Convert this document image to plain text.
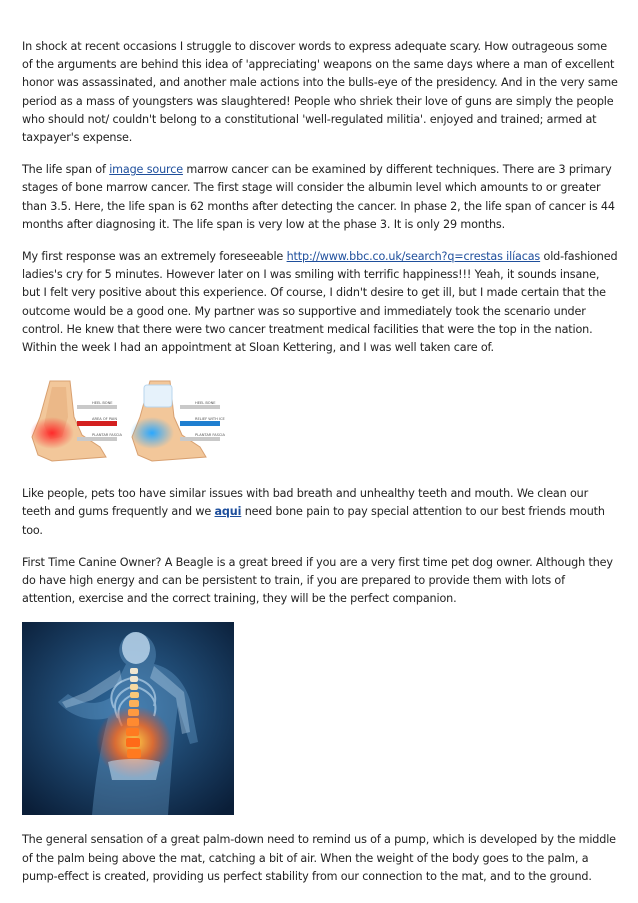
In shock at recent occasions I struggle to discover words to express adequate scary. How outrageous some of the arguments are behind this idea of 'appreciating' weapons on the same days where a man of excellent honor was assassinated, and another male actions into the bulls-eye of the presidency. And in the very same period as a mass of youngsters was slaughtered! People who shriek their love of guns are simply the people who should not/ couldn't belong to a constitutional 'well-regulated militia'. enjoyed and trained; armed at taxpayer's expense.

The life span of image source marrow cancer can be examined by different techniques. There are 3 primary stages of bone marrow cancer. The first stage will consider the albumin level which amounts to or greater than 3.5. Here, the life span is 62 months after detecting the cancer. In phase 2, the life span of cancer is 44 months after diagnosing it. The life span is very low at the phase 3. It is only 29 months.

My first response was an extremely foreseeable http://www.bbc.co.uk/search?q=crestas ilíacas old-fashioned ladies's cry for 5 minutes. However later on I was smiling with terrific happiness!!! Yeah, it sounds insane, but I felt very positive about this experience. Of course, I didn't desire to get ill, but I made certain that the outcome would be a good one. My partner was so supportive and immediately took the scenario under control. He knew that there were two cancer treatment medical facilities that were the top in the nation. Within the week I had an appointment at Sloan Kettering, and I was well taken care of.

HEEL BONE
AREA OF PAIN
PLANTAR FASCIA
HEEL BONE
RELIEF WITH ICE
PLANTAR FASCIA

Like people, pets too have similar issues with bad breath and unhealthy teeth and mouth. We clean our teeth and gums frequently and we aqui need bone pain to pay special attention to our best friends mouth too.

First Time Canine Owner? A Beagle is a great breed if you are a very first time pet dog owner. Although they do have high energy and can be persistent to train, if you are prepared to provide them with lots of attention, exercise and the correct training, they will be the perfect companion.

The general sensation of a great palm-down need to remind us of a pump, which is developed by the middle of the palm being above the mat, catching a bit of air. When the weight of the body goes to the palm, a pump-effect is created, providing us perfect stability from our connection to the mat, and to the ground.
